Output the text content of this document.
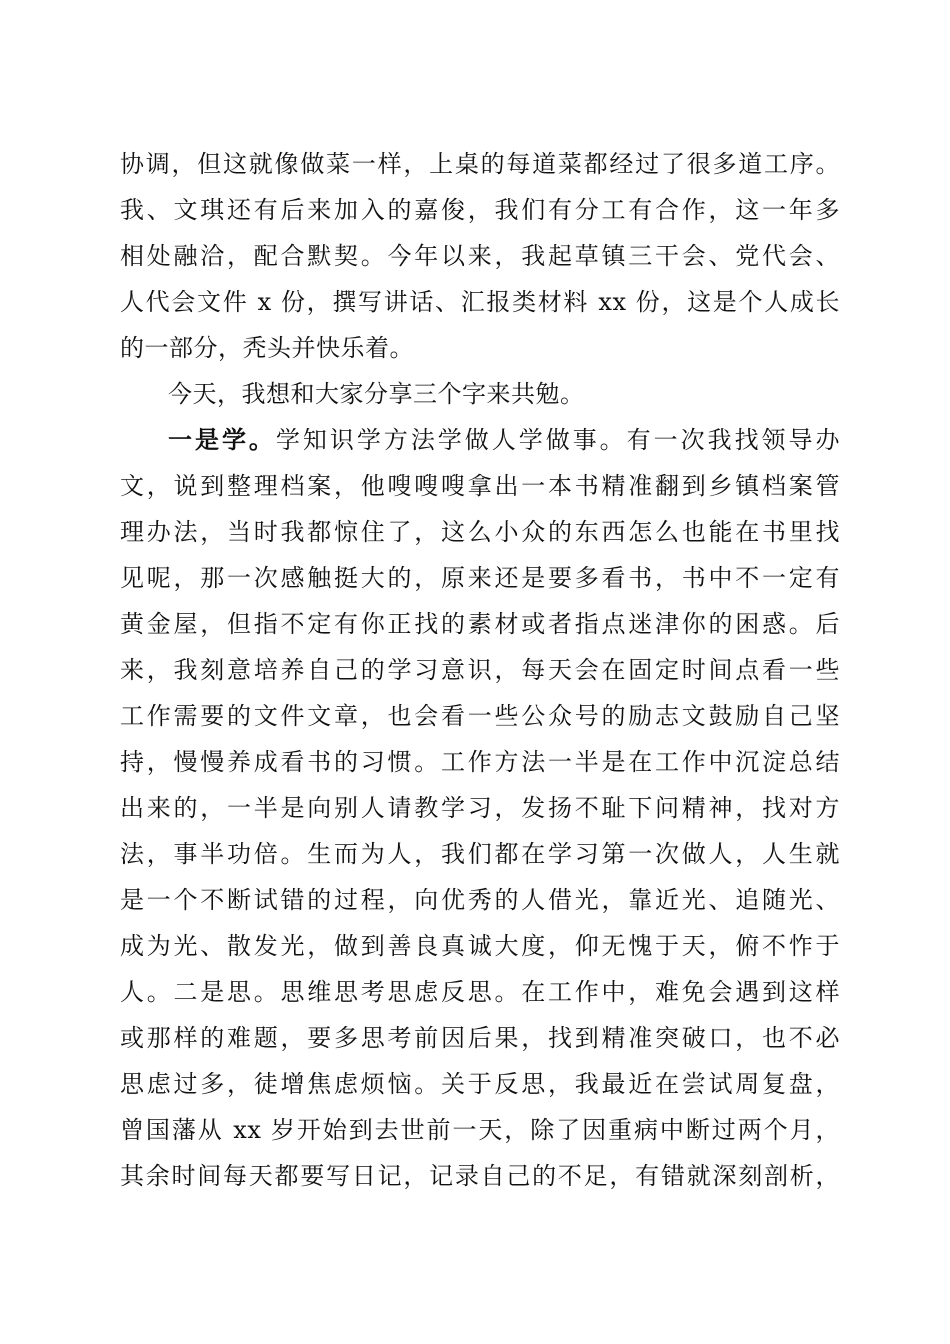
协调，但这就像做菜一样，上桌的每道菜都经过了很多道工序。
我、文琪还有后来加入的嘉俊，我们有分工有合作，这一年多
相处融洽，配合默契。今年以来，我起草镇三干会、党代会、
人代会文件 x 份，撰写讲话、汇报类材料 xx 份，这是个人成长
的一部分，秃头并快乐着。
今天，我想和大家分享三个字来共勉。
一是学。学知识学方法学做人学做事。有一次我找领导办
文，说到整理档案，他嗖嗖嗖拿出一本书精准翻到乡镇档案管
理办法，当时我都惊住了，这么小众的东西怎么也能在书里找
见呢，那一次感触挺大的，原来还是要多看书，书中不一定有
黄金屋，但指不定有你正找的素材或者指点迷津你的困惑。后
来，我刻意培养自己的学习意识，每天会在固定时间点看一些
工作需要的文件文章，也会看一些公众号的励志文鼓励自己坚
持，慢慢养成看书的习惯。工作方法一半是在工作中沉淀总结
出来的，一半是向别人请教学习，发扬不耻下问精神，找对方
法，事半功倍。生而为人，我们都在学习第一次做人，人生就
是一个不断试错的过程，向优秀的人借光，靠近光、追随光、
成为光、散发光，做到善良真诚大度，仰无愧于天，俯不怍于
人。二是思。思维思考思虑反思。在工作中，难免会遇到这样
或那样的难题，要多思考前因后果，找到精准突破口，也不必
思虑过多，徒增焦虑烦恼。关于反思，我最近在尝试周复盘，
曾国藩从 xx 岁开始到去世前一天，除了因重病中断过两个月，
其余时间每天都要写日记，记录自己的不足，有错就深刻剖析，
